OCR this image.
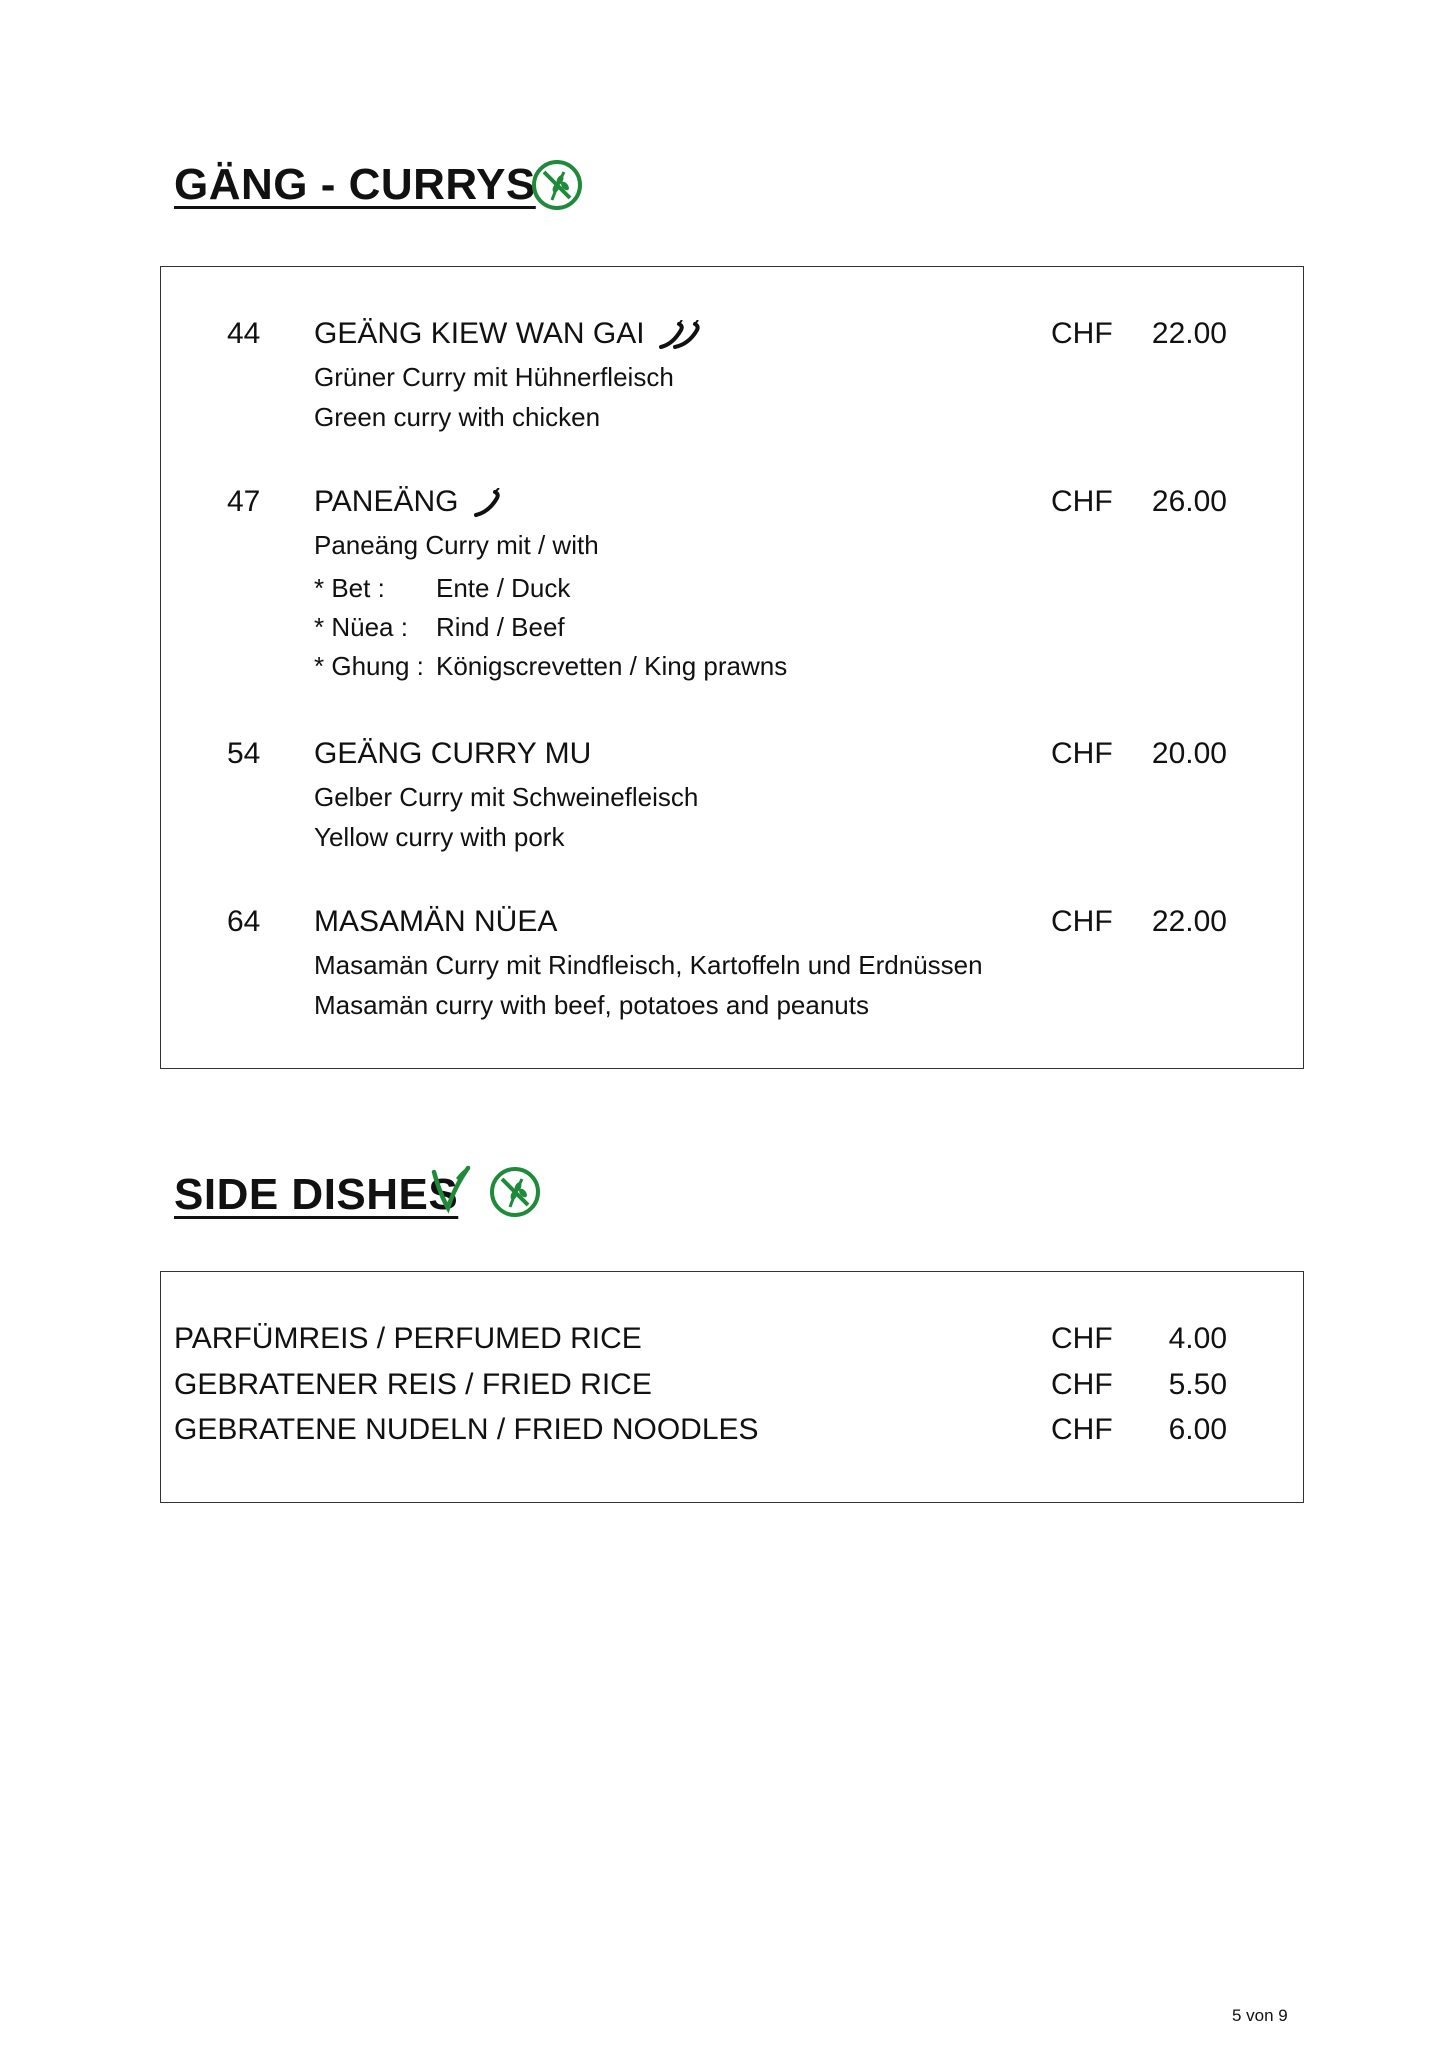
GÄNG - CURRYS
44 GEÄNG KIEW WAN GAI	CHF 22.00
Grüner Curry mit Hühnerfleisch
Green curry with chicken
47 PANEÄNG	CHF 26.00
Paneäng Curry mit / with
* Bet : Ente / Duck
* Nüea : Rind / Beef
* Ghung : Königscrevetten / King prawns
54 GEÄNG CURRY MU	CHF 20.00
Gelber Curry mit Schweinefleisch
Yellow curry with pork
64 MASAMÄN NÜEA	CHF 22.00
Masamän Curry mit Rindfleisch, Kartoffeln und Erdnüssen
Masamän curry with beef, potatoes and peanuts
SIDE DISHES
PARFÜMREIS / PERFUMED RICE	CHF 4.00
GEBRATENER REIS / FRIED RICE	CHF 5.50
GEBRATENE NUDELN / FRIED NOODLES	CHF 6.00
5 von 9
